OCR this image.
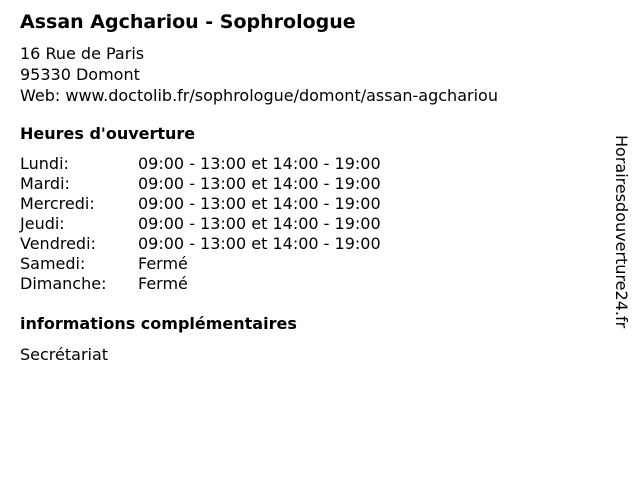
Assan Agchariou - Sophrologue
16 Rue de Paris
95330 Domont
Web: www.doctolib.fr/sophrologue/domont/assan-agchariou
Heures d'ouverture
Lundi:	09:00 - 13:00 et 14:00 - 19:00
Mardi:	09:00 - 13:00 et 14:00 - 19:00
Mercredi:	09:00 - 13:00 et 14:00 - 19:00
Jeudi:	09:00 - 13:00 et 14:00 - 19:00
Vendredi:	09:00 - 13:00 et 14:00 - 19:00
Samedi:	Fermé
Dimanche: Fermé
informations complémentaires
Secrétariat
Horairesdouverture24.fr
